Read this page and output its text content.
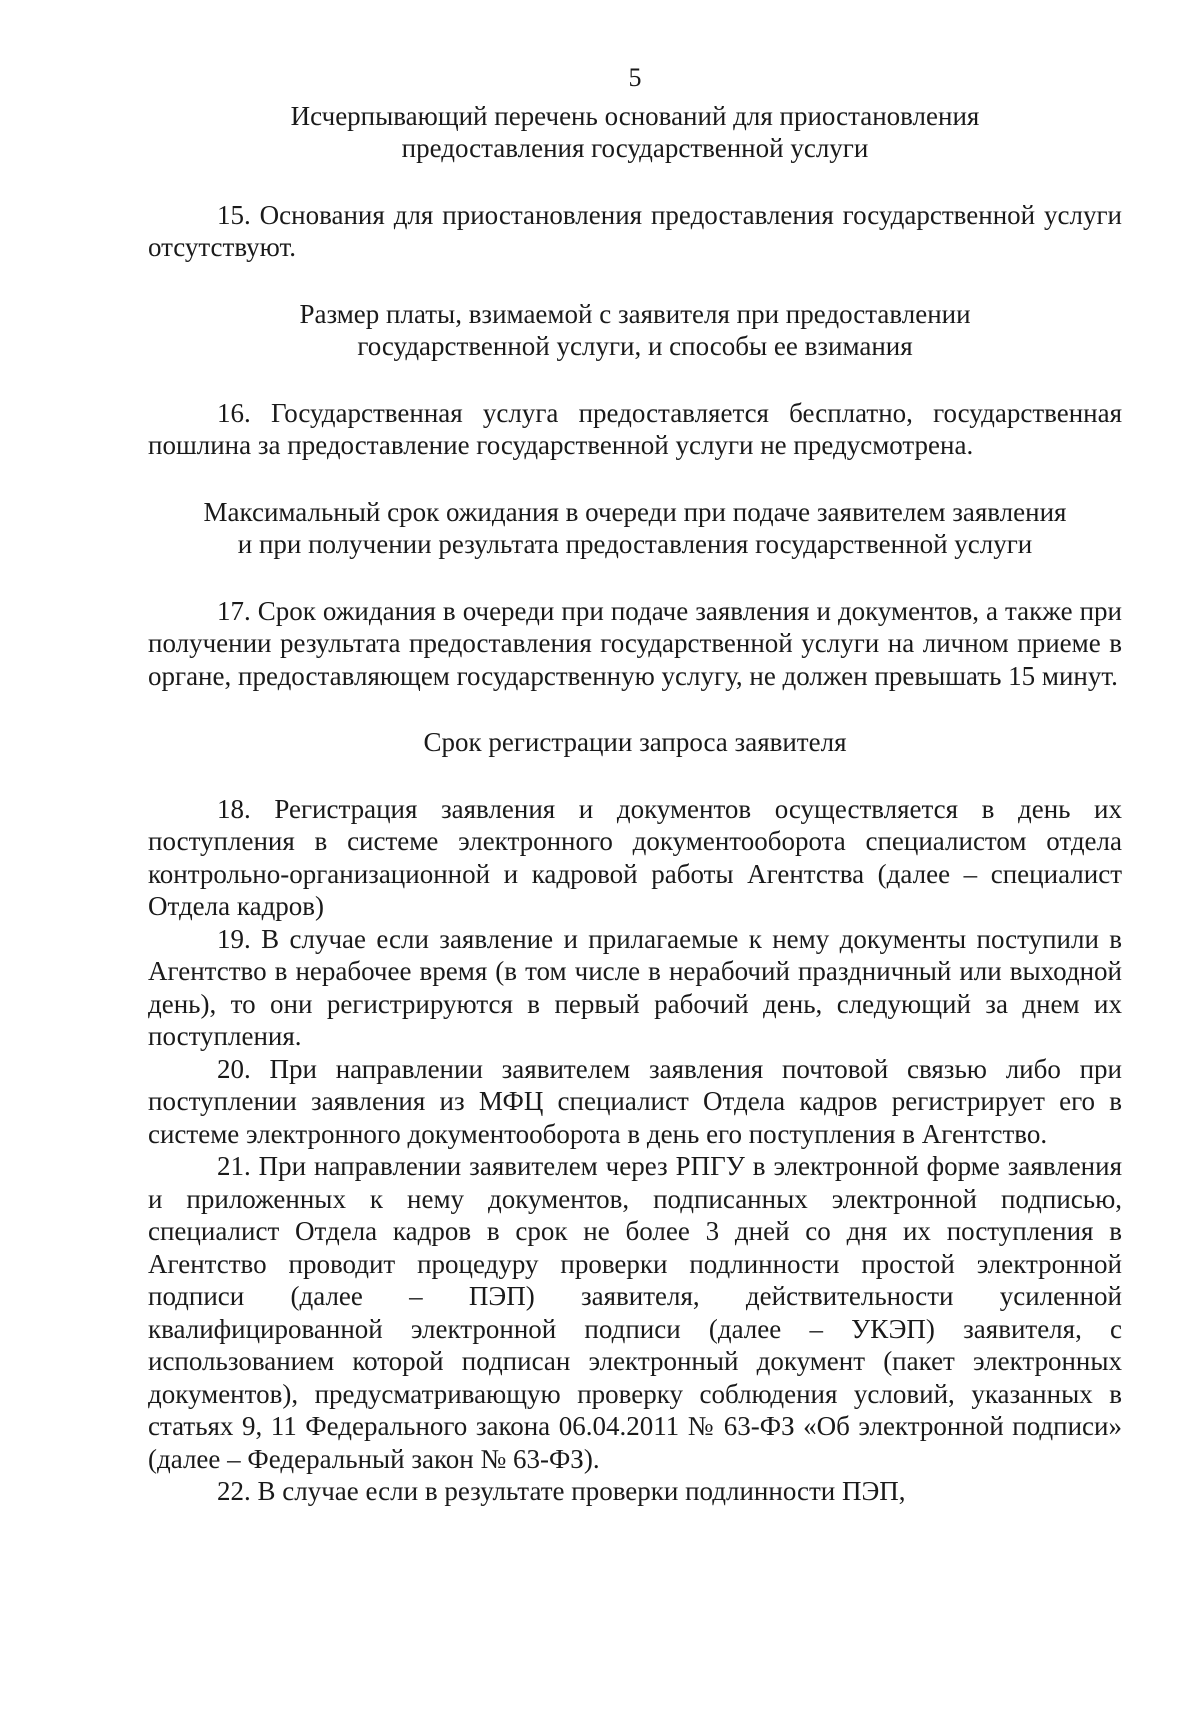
5

Исчерпывающий перечень оснований для приостановления

предоставления государственной услуги

15. Основания для приостановления предоставления государственной услуги отсутствуют.

Размер платы, взимаемой с заявителя при предоставлении

государственной услуги, и способы ее взимания

16. Государственная услуга предоставляется бесплатно, государственная пошлина за предоставление государственной услуги не предусмотрена.

Максимальный срок ожидания в очереди при подаче заявителем заявления

и при получении результата предоставления государственной услуги

17. Срок ожидания в очереди при подаче заявления и документов, а также при получении результата предоставления государственной услуги на личном приеме в органе, предоставляющем государственную услугу, не должен превышать 15 минут.

Срок регистрации запроса заявителя

18. Регистрация заявления и документов осуществляется в день их поступления в системе электронного документооборота специалистом отдела контрольно-организационной и кадровой работы Агентства (далее – специалист Отдела кадров)

19. В случае если заявление и прилагаемые к нему документы поступили в Агентство в нерабочее время (в том числе в нерабочий праздничный или выходной день), то они регистрируются в первый рабочий день, следующий за днем их поступления.

20. При направлении заявителем заявления почтовой связью либо при поступлении заявления из МФЦ специалист Отдела кадров регистрирует его в системе электронного документооборота в день его поступления в Агентство.

21. При направлении заявителем через РПГУ в электронной форме заявления и приложенных к нему документов, подписанных электронной подписью, специалист Отдела кадров в срок не более 3 дней со дня их поступления в Агентство проводит процедуру проверки подлинности простой электронной подписи (далее – ПЭП) заявителя, действительности усиленной квалифицированной электронной подписи (далее – УКЭП) заявителя, с использованием которой подписан электронный документ (пакет электронных документов), предусматривающую проверку соблюдения условий, указанных в статьях 9, 11 Федерального закона 06.04.2011 № 63-ФЗ «Об электронной подписи» (далее – Федеральный закон № 63-ФЗ).

22. В случае если в результате проверки подлинности ПЭП,
